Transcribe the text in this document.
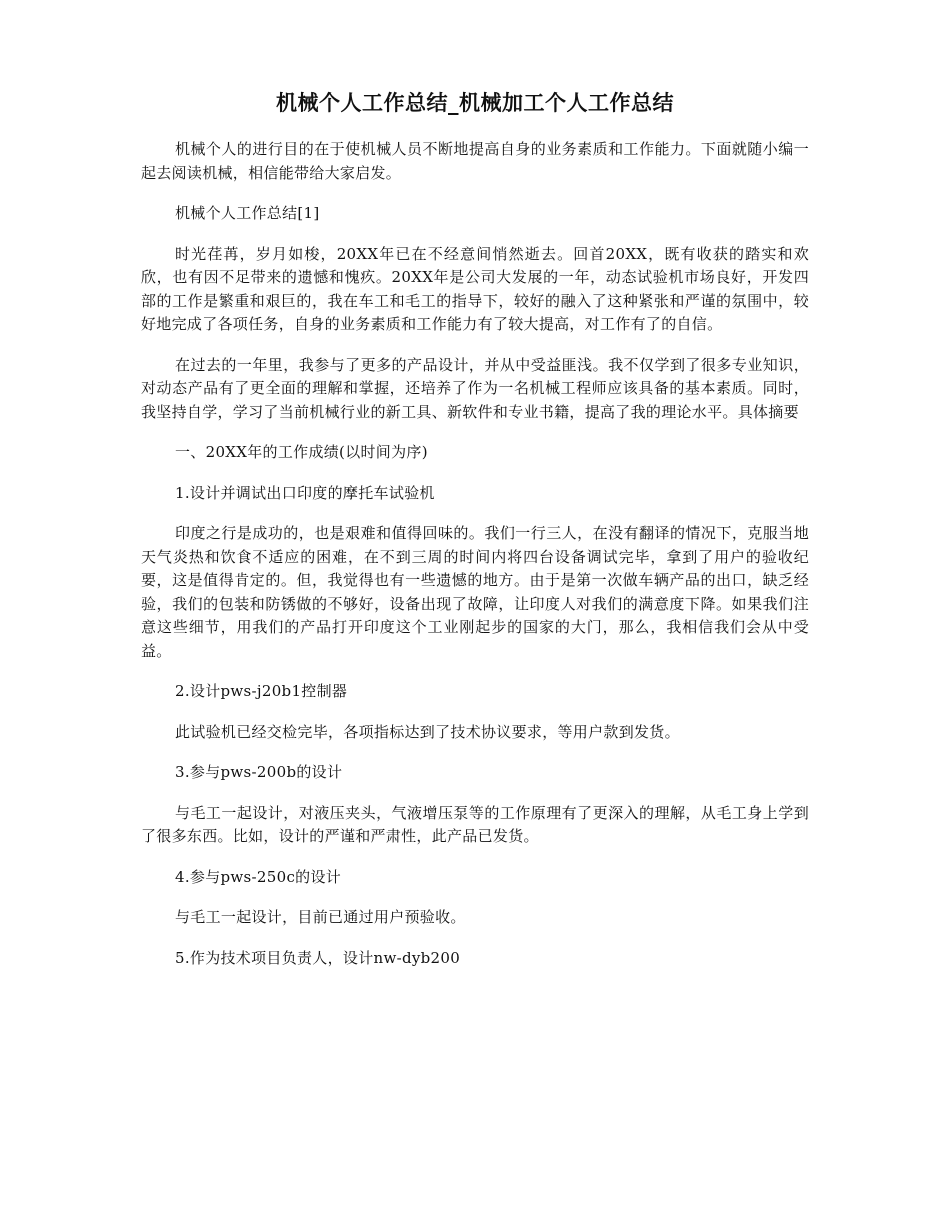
机械个人工作总结_机械加工个人工作总结

机械个人的进行目的在于使机械人员不断地提高自身的业务素质和工作能力。下面就随小编一起去阅读机械，相信能带给大家启发。

机械个人工作总结[1]

时光荏苒，岁月如梭，20XX年已在不经意间悄然逝去。回首20XX，既有收获的踏实和欢欣，也有因不足带来的遗憾和愧疚。20XX年是公司大发展的一年，动态试验机市场良好，开发四部的工作是繁重和艰巨的，我在车工和毛工的指导下，较好的融入了这种紧张和严谨的氛围中，较好地完成了各项任务，自身的业务素质和工作能力有了较大提高，对工作有了的自信。

在过去的一年里，我参与了更多的产品设计，并从中受益匪浅。我不仅学到了很多专业知识，对动态产品有了更全面的理解和掌握，还培养了作为一名机械工程师应该具备的基本素质。同时，我坚持自学，学习了当前机械行业的新工具、新软件和专业书籍，提高了我的理论水平。具体摘要

一、20XX年的工作成绩(以时间为序)

1.设计并调试出口印度的摩托车试验机

印度之行是成功的，也是艰难和值得回味的。我们一行三人，在没有翻译的情况下，克服当地天气炎热和饮食不适应的困难，在不到三周的时间内将四台设备调试完毕，拿到了用户的验收纪要，这是值得肯定的。但，我觉得也有一些遗憾的地方。由于是第一次做车辆产品的出口，缺乏经验，我们的包装和防锈做的不够好，设备出现了故障，让印度人对我们的满意度下降。如果我们注意这些细节，用我们的产品打开印度这个工业刚起步的国家的大门，那么，我相信我们会从中受益。

2.设计pws-j20b1控制器

此试验机已经交检完毕，各项指标达到了技术协议要求，等用户款到发货。

3.参与pws-200b的设计

与毛工一起设计，对液压夹头，气液增压泵等的工作原理有了更深入的理解，从毛工身上学到了很多东西。比如，设计的严谨和严肃性，此产品已发货。

4.参与pws-250c的设计

与毛工一起设计，目前已通过用户预验收。

5.作为技术项目负责人，设计nw-dyb200
